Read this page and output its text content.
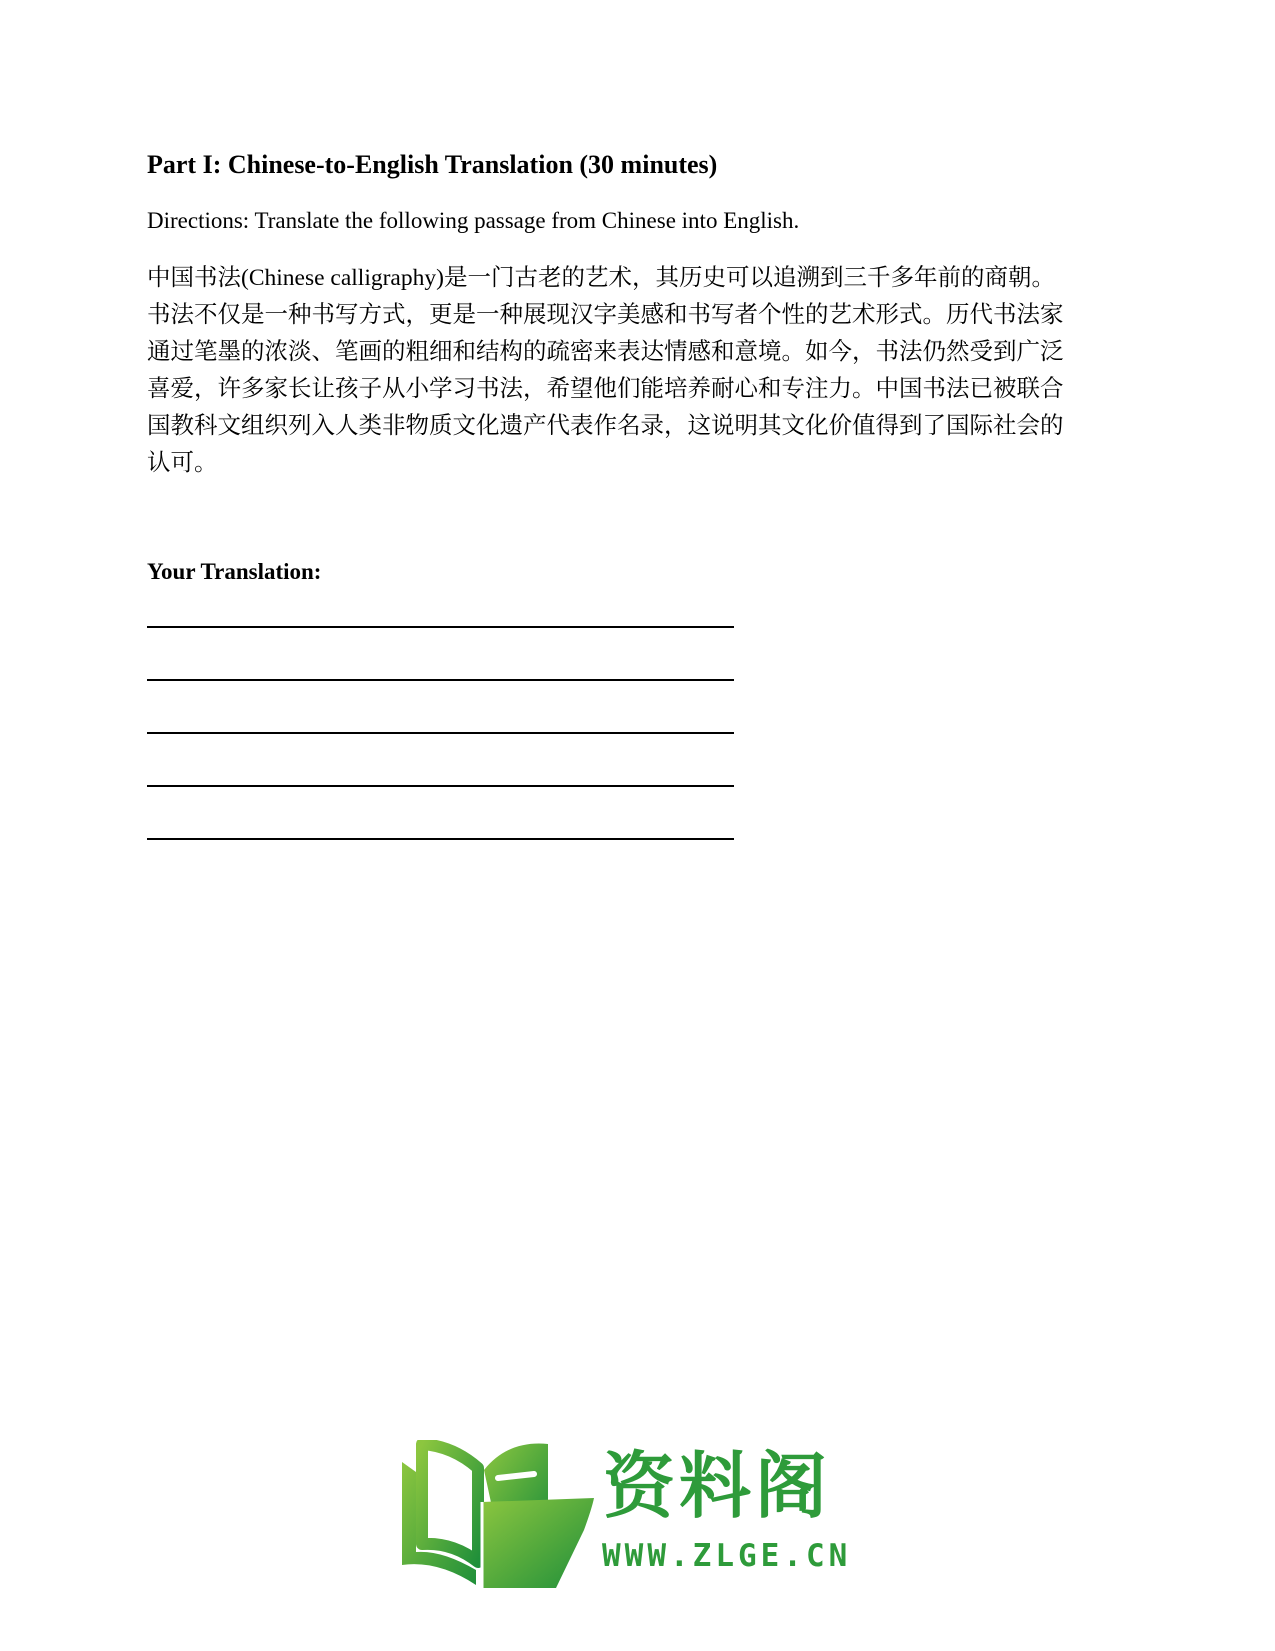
Part I: Chinese-to-English Translation (30 minutes)
Directions: Translate the following passage from Chinese into English.
中国书法(Chinese calligraphy)是一门古老的艺术，其历史可以追溯到三千多年前的商朝。
书法不仅是一种书写方式，更是一种展现汉字美感和书写者个性的艺术形式。历代书法家
通过笔墨的浓淡、笔画的粗细和结构的疏密来表达情感和意境。如今，书法仍然受到广泛
喜爱，许多家长让孩子从小学习书法，希望他们能培养耐心和专注力。中国书法已被联合
国教科文组织列入人类非物质文化遗产代表作名录，这说明其文化价值得到了国际社会的
认可。
Your Translation:
资料阁
WWW.ZLGE.CN
